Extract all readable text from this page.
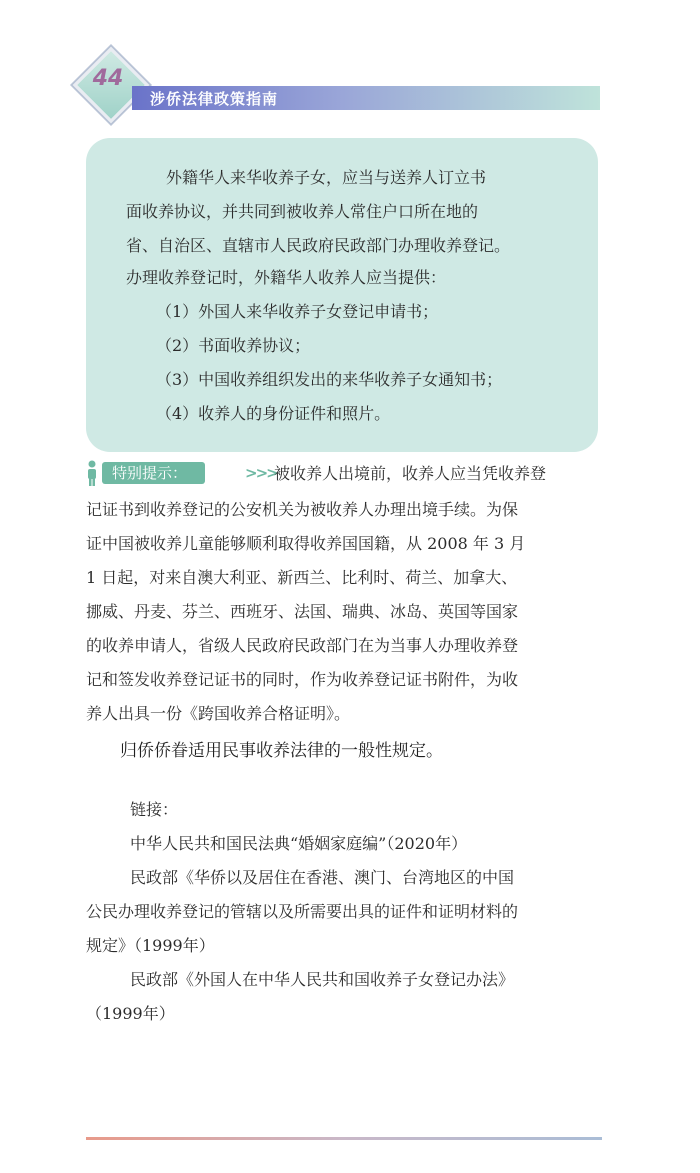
44
涉侨法律政策指南

外籍华人来华收养子女，应当与送养人订立书

面收养协议，并共同到被收养人常住户口所在地的

省、自治区、直辖市人民政府民政部门办理收养登记。

办理收养登记时，外籍华人收养人应当提供：

（1）外国人来华收养子女登记申请书；

（2）书面收养协议；

（3）中国收养组织发出的来华收养子女通知书；

（4）收养人的身份证件和照片。

特别提示：	>>>

被收养人出境前，收养人应当凭收养登

记证书到收养登记的公安机关为被收养人办理出境手续。为保

证中国被收养儿童能够顺利取得收养国国籍，从 2008 年 3 月

1 日起，对来自澳大利亚、新西兰、比利时、荷兰、加拿大、

挪威、丹麦、芬兰、西班牙、法国、瑞典、冰岛、英国等国家

的收养申请人，省级人民政府民政部门在为当事人办理收养登

记和签发收养登记证书的同时，作为收养登记证书附件，为收

养人出具一份《跨国收养合格证明》。

归侨侨眷适用民事收养法律的一般性规定。

链接：

中华人民共和国民法典“婚姻家庭编”（2020年）

民政部《华侨以及居住在香港、澳门、台湾地区的中国

公民办理收养登记的管辖以及所需要出具的证件和证明材料的

规定》（1999年）

民政部《外国人在中华人民共和国收养子女登记办法》

（1999年）
